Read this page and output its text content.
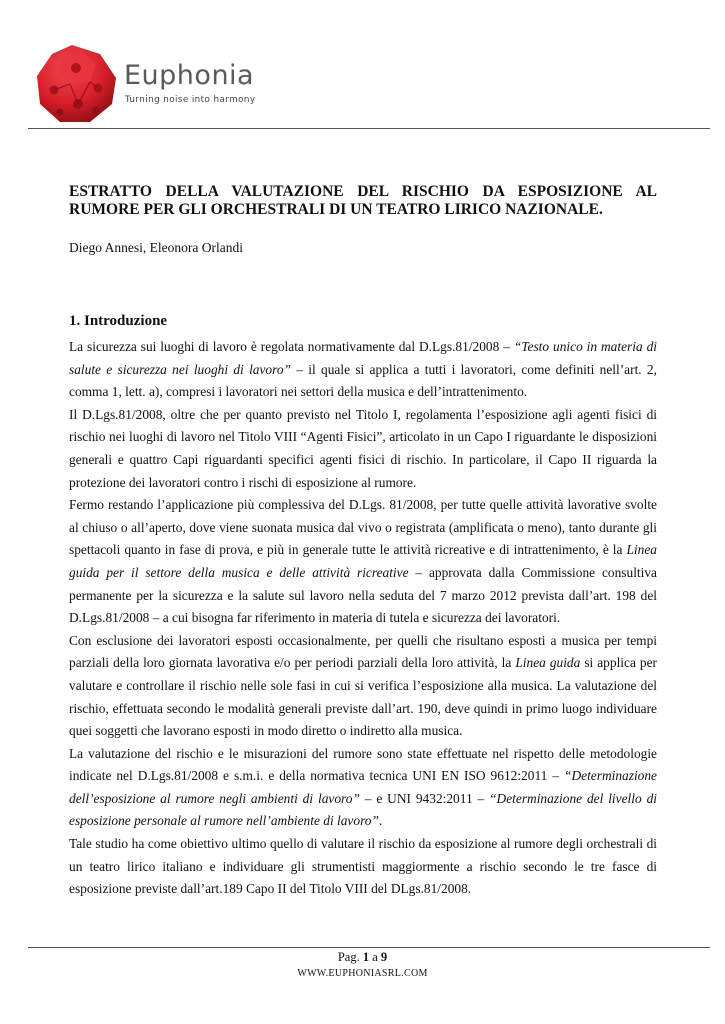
Euphonia
Turning noise into harmony
ESTRATTO DELLA VALUTAZIONE DEL RISCHIO DA ESPOSIZIONE AL RUMORE PER GLI ORCHESTRALI DI UN TEATRO LIRICO NAZIONALE.
Diego Annesi, Eleonora Orlandi
1. Introduzione

La sicurezza sui luoghi di lavoro è regolata normativamente dal D.Lgs.81/2008 – “Testo unico in materia di salute e sicurezza nei luoghi di lavoro” – il quale si applica a tutti i lavoratori, come definiti nell’art. 2, comma 1, lett. a), compresi i lavoratori nei settori della musica e dell’intrattenimento.

Il D.Lgs.81/2008, oltre che per quanto previsto nel Titolo I, regolamenta l’esposizione agli agenti fisici di rischio nei luoghi di lavoro nel Titolo VIII “Agenti Fisici”, articolato in un Capo I riguardante le disposizioni generali e quattro Capi riguardanti specifici agenti fisici di rischio. In particolare, il Capo II riguarda la protezione dei lavoratori contro i rischi di esposizione al rumore.

Fermo restando l’applicazione più complessiva del D.Lgs. 81/2008, per tutte quelle attività lavorative svolte al chiuso o all’aperto, dove viene suonata musica dal vivo o registrata (amplificata o meno), tanto durante gli spettacoli quanto in fase di prova, e più in generale tutte le attività ricreative e di intrattenimento, è la Linea guida per il settore della musica e delle attività ricreative – approvata dalla Commissione consultiva permanente per la sicurezza e la salute sul lavoro nella seduta del 7 marzo 2012 prevista dall’art. 198 del D.Lgs.81/2008 – a cui bisogna far riferimento in materia di tutela e sicurezza dei lavoratori.

Con esclusione dei lavoratori esposti occasionalmente, per quelli che risultano esposti a musica per tempi parziali della loro giornata lavorativa e/o per periodi parziali della loro attività, la Linea guida si applica per valutare e controllare il rischio nelle sole fasi in cui si verifica l’esposizione alla musica. La valutazione del rischio, effettuata secondo le modalità generali previste dall’art. 190, deve quindi in primo luogo individuare quei soggetti che lavorano esposti in modo diretto o indiretto alla musica.

La valutazione del rischio e le misurazioni del rumore sono state effettuate nel rispetto delle metodologie indicate nel D.Lgs.81/2008 e s.m.i. e della normativa tecnica UNI EN ISO 9612:2011 – “Determinazione dell’esposizione al rumore negli ambienti di lavoro” – e UNI 9432:2011 – “Determinazione del livello di esposizione personale al rumore nell’ambiente di lavoro”.

Tale studio ha come obiettivo ultimo quello di valutare il rischio da esposizione al rumore degli orchestrali di un teatro lirico italiano e individuare gli strumentisti maggiormente a rischio secondo le tre fasce di esposizione previste dall’art.189 Capo II del Titolo VIII del DLgs.81/2008.

Pag. 1 a 9
WWW.EUPHONIASRL.COM
